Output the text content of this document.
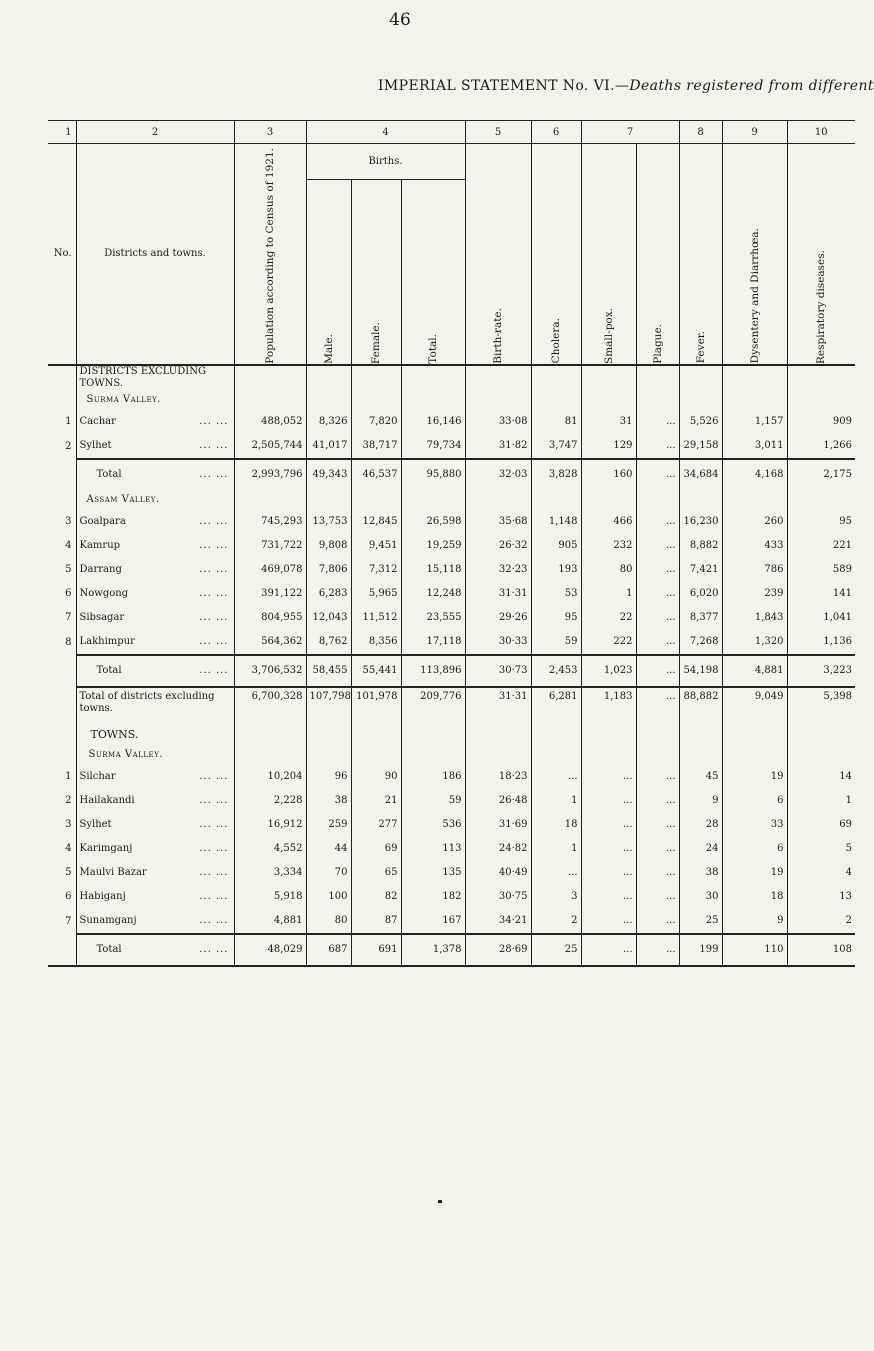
46
IMPERIAL STATEMENT No. VI.—Deaths registered from different
1	2	3	4			5	6	7		8	9	10
No.	Districts and towns.	Population according to Census of 1921.	Births.			Birth-rate.	Cholera.	Small-pox.	Plague.	Fever.	Dysentery and Diarrhœa.	Respiratory diseases.

			Male.	Female.	Total.							

	DISTRICTS EXCLUDING TOWNS.											
	Surma Valley.											
1	Cachar ... ...	488,052	8,326	7,820	16,146	33·08	81	31	...	5,526	1,157	909
2	Sylhet ... ...	2,505,744	41,017	38,717	79,734	31·82	3,747	129	...	29,158	3,011	1,266
	Total ... ...	2,993,796	49,343	46,537	95,880	32·03	3,828	160	...	34,684	4,168	2,175
	Assam Valley.											
3	Goalpara ... ...	745,293	13,753	12,845	26,598	35·68	1,148	466	...	16,230	260	95
4	Kamrup ... ...	731,722	9,808	9,451	19,259	26·32	905	232	...	8,882	433	221
5	Darrang ... ...	469,078	7,806	7,312	15,118	32·23	193	80	...	7,421	786	589
6	Nowgong ... ...	391,122	6,283	5,965	12,248	31·31	53	1	...	6,020	239	141
7	Sibsagar ... ...	804,955	12,043	11,512	23,555	29·26	95	22	...	8,377	1,843	1,041
8	Lakhimpur ... ...	564,362	8,762	8,356	17,118	30·33	59	222	...	7,268	1,320	1,136
	Total ... ...	3,706,532	58,455	55,441	113,896	30·73	2,453	1,023	...	54,198	4,881	3,223
	Total of districts excluding towns.	6,700,328	107,798	101,978	209,776	31·31	6,281	1,183	...	88,882	9,049	5,398
	TOWNS.											
	Surma Valley.											
1	Silchar ... ...	10,204	96	90	186	18·23	...	...	...	45	19	14
2	Hailakandi ... ...	2,228	38	21	59	26·48	1	...	...	9	6	1
3	Sylhet ... ...	16,912	259	277	536	31·69	18	...	...	28	33	69
4	Karimganj ... ...	4,552	44	69	113	24·82	1	...	...	24	6	5
5	Maulvi Bazar ... ...	3,334	70	65	135	40·49	...	...	...	38	19	4
6	Habiganj ... ...	5,918	100	82	182	30·75	3	...	...	30	18	13
7	Sunamganj ... ...	4,881	80	87	167	34·21	2	...	...	25	9	2
	Total ... ...	48,029	687	691	1,378	28·69	25	...	...	199	110	108
